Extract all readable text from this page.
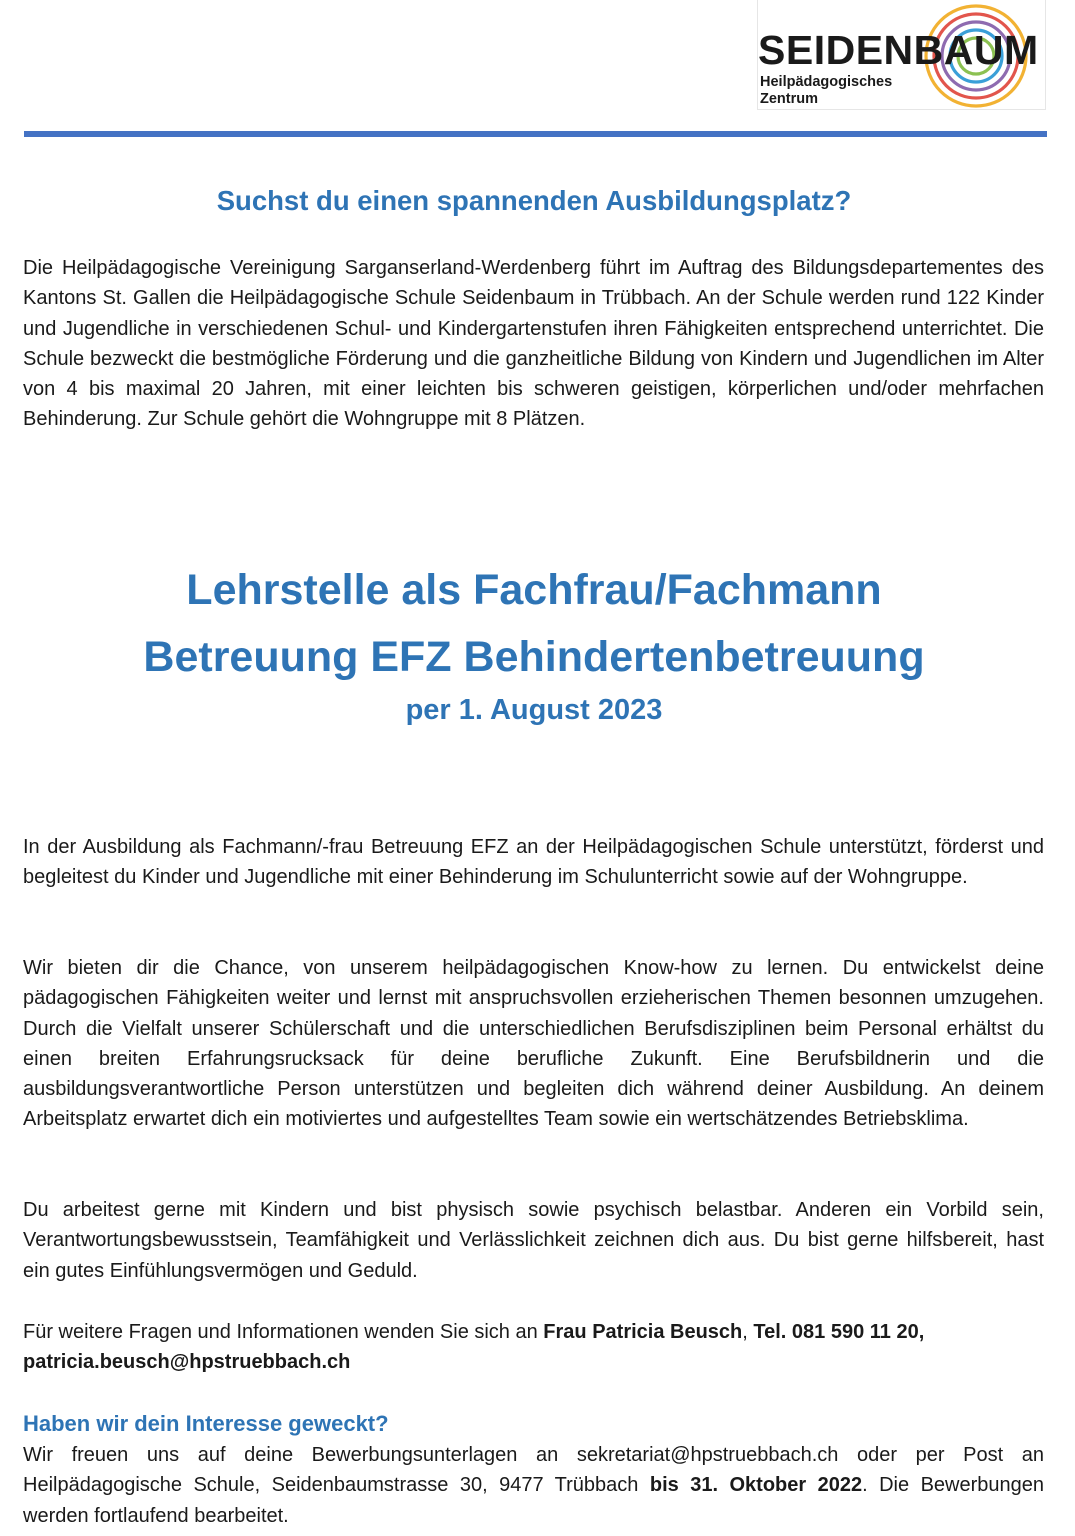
SEIDENBAUM
Heilpädagogisches
Zentrum
Suchst du einen spannenden Ausbildungsplatz?

Die Heilpädagogische Vereinigung Sarganserland-Werdenberg führt im Auftrag des Bildungsdepartementes des Kantons St. Gallen die Heilpädagogische Schule Seidenbaum in Trübbach. An der Schule werden rund 122 Kinder und Jugendliche in verschiedenen Schul- und Kindergartenstufen ihren Fähigkeiten entsprechend unterrichtet. Die Schule bezweckt die bestmögliche Förderung und die ganzheitliche Bildung von Kindern und Jugendlichen im Alter von 4 bis maximal 20 Jahren, mit einer leichten bis schweren geistigen, körperlichen und/oder mehrfachen Behinderung. Zur Schule gehört die Wohngruppe mit 8 Plätzen.

Lehrstelle als Fachfrau/Fachmann
Betreuung EFZ Behindertenbetreuung
per 1. August 2023

In der Ausbildung als Fachmann/-frau Betreuung EFZ an der Heilpädagogischen Schule unterstützt, förderst und begleitest du Kinder und Jugendliche mit einer Behinderung im Schulunterricht sowie auf der Wohngruppe.

Wir bieten dir die Chance, von unserem heilpädagogischen Know-how zu lernen. Du entwickelst deine pädagogischen Fähigkeiten weiter und lernst mit anspruchsvollen erzieherischen Themen besonnen umzugehen. Durch die Vielfalt unserer Schülerschaft und die unterschiedlichen Berufsdisziplinen beim Personal erhältst du einen breiten Erfahrungsrucksack für deine berufliche Zukunft. Eine Berufsbildnerin und die ausbildungsverantwortliche Person unterstützen und begleiten dich während deiner Ausbildung. An deinem Arbeitsplatz erwartet dich ein motiviertes und aufgestelltes Team sowie ein wertschätzendes Betriebsklima.

Du arbeitest gerne mit Kindern und bist physisch sowie psychisch belastbar. Anderen ein Vorbild sein, Verantwortungsbewusstsein, Teamfähigkeit und Verlässlichkeit zeichnen dich aus. Du bist gerne hilfsbereit, hast ein gutes Einfühlungsvermögen und Geduld.

Für weitere Fragen und Informationen wenden Sie sich an Frau Patricia Beusch, Tel. 081 590 11 20,
patricia.beusch@hpstruebbach.ch

Haben wir dein Interesse geweckt?

Wir freuen uns auf deine Bewerbungsunterlagen an sekretariat@hpstruebbach.ch oder per Post an Heilpädagogische Schule, Seidenbaumstrasse 30, 9477 Trübbach bis 31. Oktober 2022. Die Bewerbungen werden fortlaufend bearbeitet.
